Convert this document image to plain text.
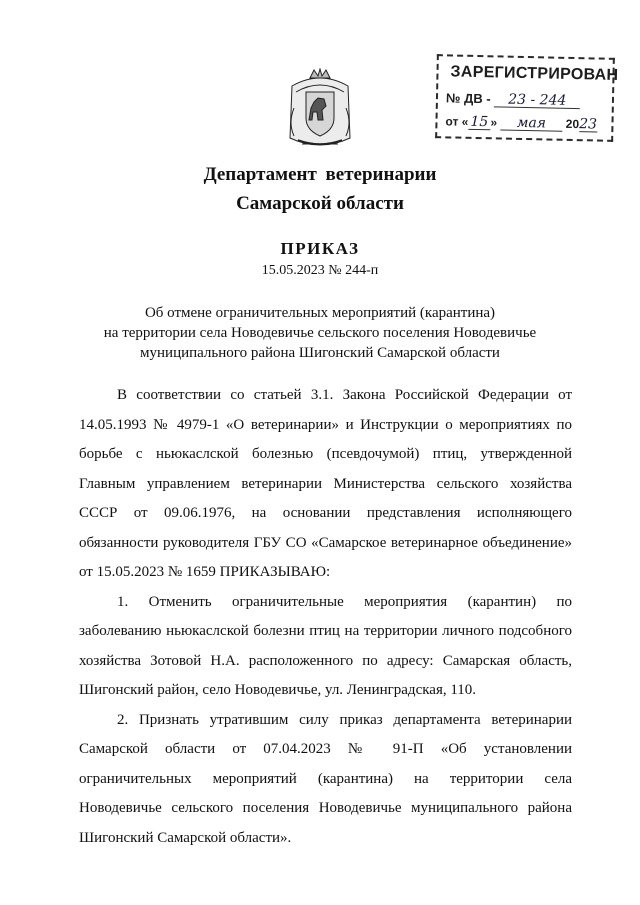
ЗАРЕГИСТРИРОВАН
№ ДВ - 23 - 244
от « 15 » мая 2023
Департамент ветеринарии
Самарской области
ПРИКАЗ
15.05.2023 № 244-п
Об отмене ограничительных мероприятий (карантина)
на территории села Новодевичье сельского поселения Новодевичье
муниципального района Шигонский Самарской области

В соответствии со статьей 3.1. Закона Российской Федерации от 14.05.1993 № 4979-1 «О ветеринарии» и Инструкции о мероприятиях по борьбе с ньюкаслской болезнью (псевдочумой) птиц, утвержденной Главным управлением ветеринарии Министерства сельского хозяйства СССР от 09.06.1976, на основании представления исполняющего обязанности руководителя ГБУ СО «Самарское ветеринарное объединение» от 15.05.2023 № 1659 ПРИКАЗЫВАЮ:

1. Отменить ограничительные мероприятия (карантин) по заболеванию ньюкаслской болезни птиц на территории личного подсобного хозяйства Зотовой Н.А. расположенного по адресу: Самарская область, Шигонский район, село Новодевичье, ул. Ленинградская, 110.

2. Признать утратившим силу приказ департамента ветеринарии Самарской области от 07.04.2023 № 91-П «Об установлении ограничительных мероприятий (карантина) на территории села Новодевичье сельского поселения Новодевичье муниципального района Шигонский Самарской области».
